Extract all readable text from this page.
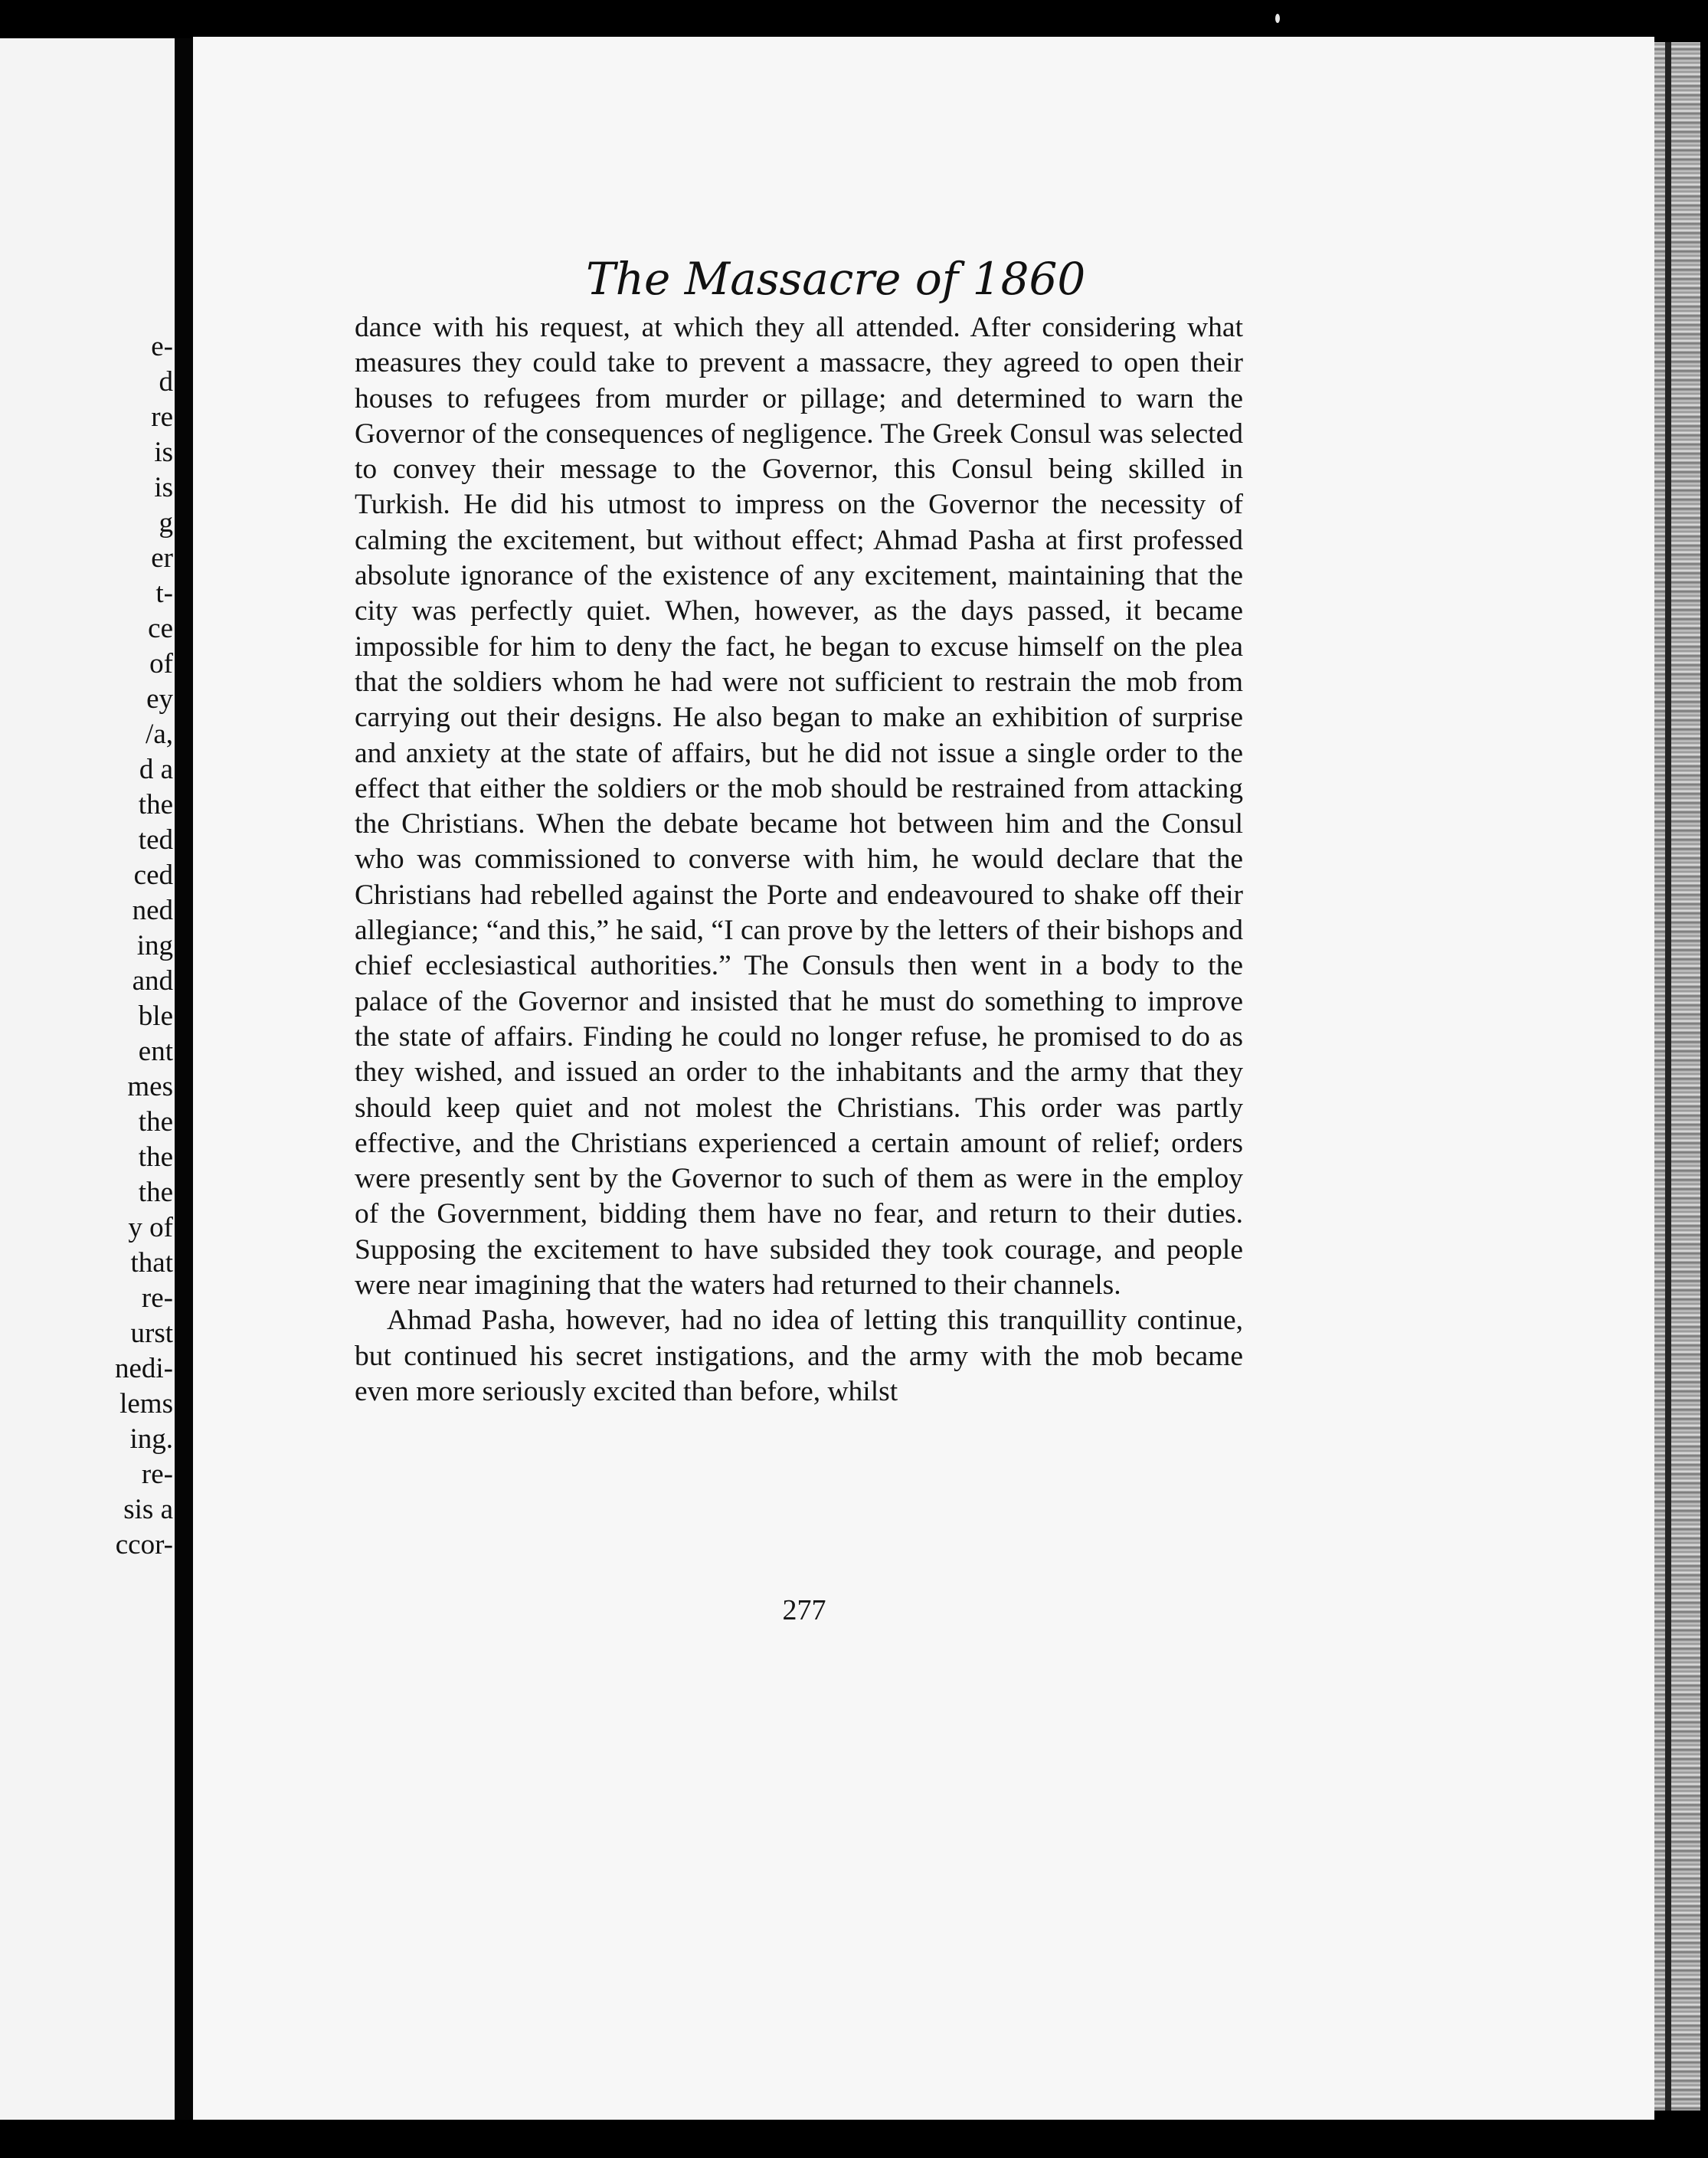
e-
d
re
is
is
g
er
t-
ce
of
ey
/a,
d a
the
ted
ced
ned
ing
and
ble
ent
mes
the
the
the
y of
that
re-
urst
nedi-
lems
ing.
re-
sis a
ccor-
The Massacre of 1860

dance with his request, at which they all attended. After considering what measures they could take to prevent a massacre, they agreed to open their houses to refugees from murder or pillage; and determined to warn the Governor of the consequences of negligence. The Greek Consul was selected to convey their message to the Governor, this Consul being skilled in Turkish. He did his utmost to impress on the Governor the necessity of calming the excitement, but without effect; Ahmad Pasha at first professed absolute ignorance of the existence of any excitement, maintaining that the city was perfectly quiet. When, however, as the days passed, it became impossible for him to deny the fact, he began to excuse himself on the plea that the soldiers whom he had were not sufficient to restrain the mob from carrying out their designs. He also began to make an exhibition of surprise and anxiety at the state of affairs, but he did not issue a single order to the effect that either the soldiers or the mob should be restrained from attacking the Christians. When the debate became hot between him and the Consul who was commissioned to converse with him, he would declare that the Christians had rebelled against the Porte and endeavoured to shake off their allegiance; “and this,” he said, “I can prove by the letters of their bishops and chief ecclesiastical authorities.” The Consuls then went in a body to the palace of the Governor and insisted that he must do something to improve the state of affairs. Finding he could no longer refuse, he promised to do as they wished, and issued an order to the inhabitants and the army that they should keep quiet and not molest the Christians. This order was partly effective, and the Christians experienced a certain amount of relief; orders were presently sent by the Governor to such of them as were in the employ of the Government, bidding them have no fear, and return to their duties. Supposing the excitement to have subsided they took courage, and people were near imagining that the waters had returned to their channels.

Ahmad Pasha, however, had no idea of letting this tranquillity continue, but continued his secret instigations, and the army with the mob became even more seriously excited than before, whilst

277
